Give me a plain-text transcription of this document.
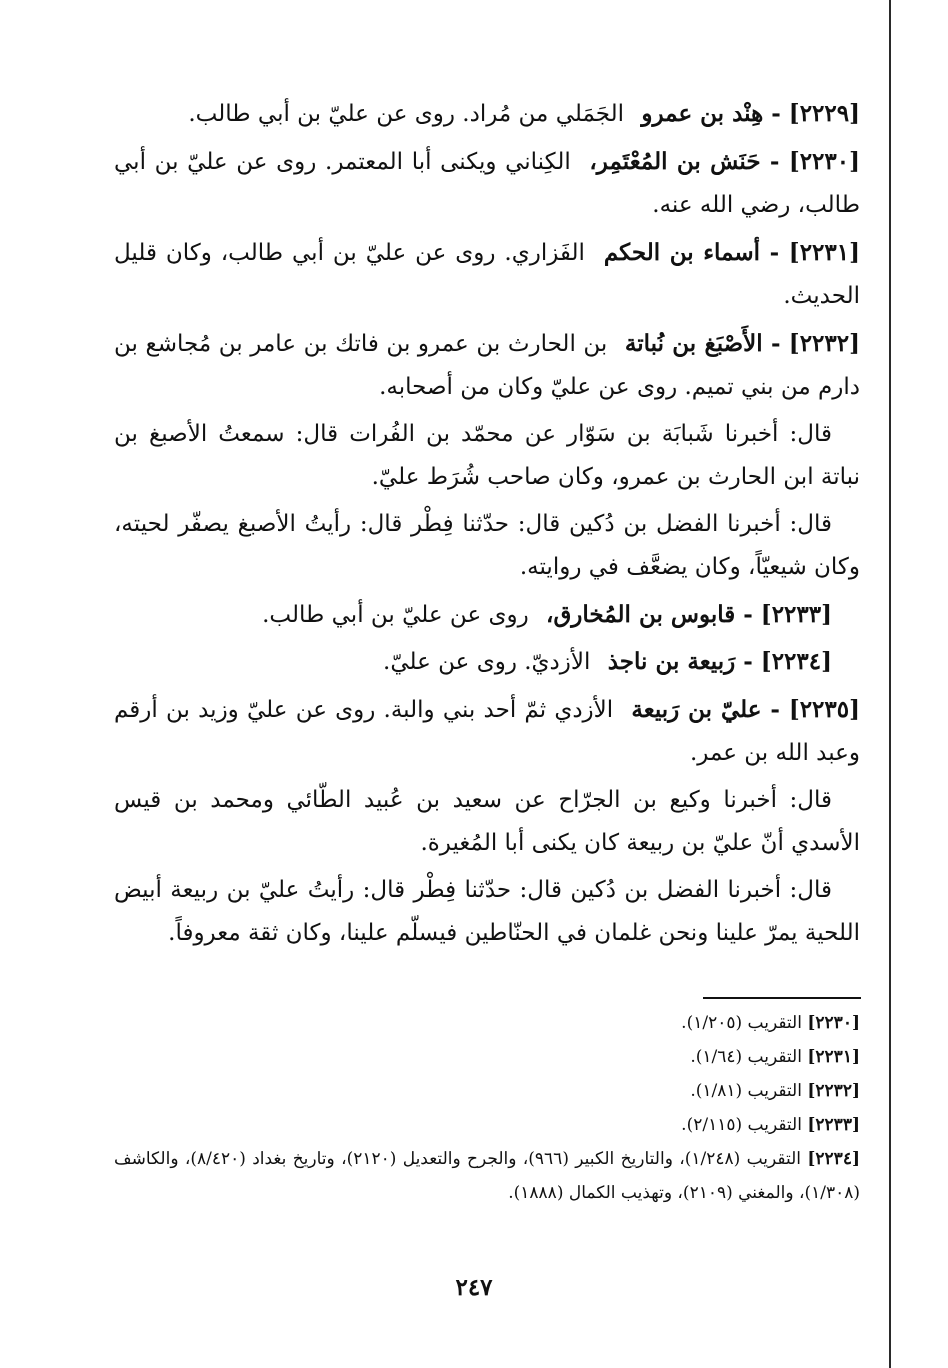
[٢٢٢٩] - هِنْد بن عمرو الجَمَلي من مُراد. روى عن عليّ بن أبي طالب.

[٢٢٣٠] - حَنَش بن المُعْتَمِر، الكِناني ويكنى أبا المعتمر. روى عن عليّ بن أبي طالب، رضي الله عنه.

[٢٢٣١] - أسماء بن الحكم الفَزاري. روى عن عليّ بن أبي طالب، وكان قليل الحديث.

[٢٢٣٢] - الأَصْبَغ بن نُباتة بن الحارث بن عمرو بن فاتك بن عامر بن مُجاشع بن دارم من بني تميم. روى عن عليّ وكان من أصحابه.

قال: أخبرنا شَبابَة بن سَوّار عن محمّد بن الفُرات قال: سمعتُ الأصبغ بن نباتة ابن الحارث بن عمرو، وكان صاحب شُرَط عليّ.

قال: أخبرنا الفضل بن دُكين قال: حدّثنا فِطْر قال: رأيتُ الأصبغ يصفّر لحيته، وكان شيعيّاً، وكان يضعَّف في روايته.

[٢٢٣٣] - قابوس بن المُخارق، روى عن عليّ بن أبي طالب.

[٢٢٣٤] - رَبيعة بن ناجذ الأزديّ. روى عن عليّ.

[٢٢٣٥] - عليّ بن رَبيعة الأزدي ثمّ أحد بني والبة. روى عن عليّ وزيد بن أرقم وعبد الله بن عمر.

قال: أخبرنا وكيع بن الجرّاح عن سعيد بن عُبيد الطّائي ومحمد بن قيس الأسدي أنّ عليّ بن ربيعة كان يكنى أبا المُغيرة.

قال: أخبرنا الفضل بن دُكين قال: حدّثنا فِطْر قال: رأيتُ عليّ بن ربيعة أبيض اللحية يمرّ علينا ونحن غلمان في الحنّاطين فيسلّم علينا، وكان ثقة معروفاً.

[٢٢٣٠] التقريب (١/٢٠٥).

[٢٢٣١] التقريب (١/٦٤).

[٢٢٣٢] التقريب (١/٨١).

[٢٢٣٣] التقريب (٢/١١٥).

[٢٢٣٤] التقريب (١/٢٤٨)، والتاريخ الكبير (٩٦٦)، والجرح والتعديل (٢١٢٠)، وتاريخ بغداد (٨/٤٢٠)، والكاشف (١/٣٠٨)، والمغني (٢١٠٩)، وتهذيب الكمال (١٨٨٨).

٢٤٧
